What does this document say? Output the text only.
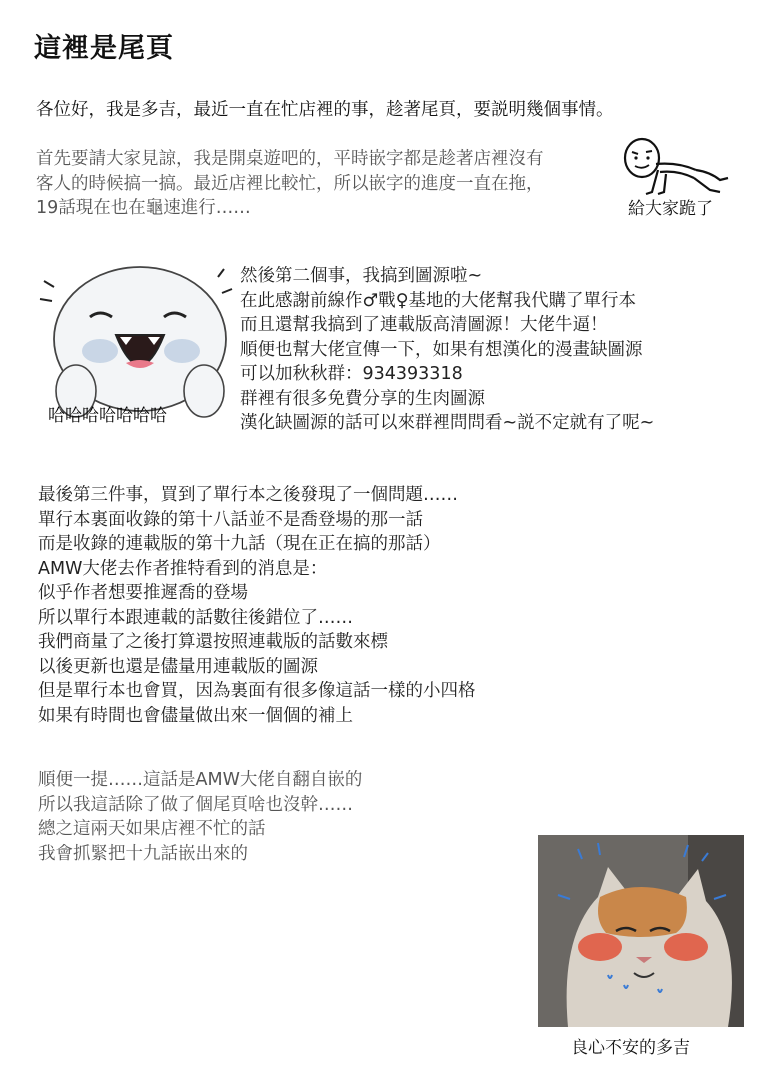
這裡是尾頁
各位好，我是多吉，最近一直在忙店裡的事，趁著尾頁，要説明幾個事情。
首先要請大家見諒，我是開桌遊吧的，平時嵌字都是趁著店裡沒有
客人的時候搞一搞。最近店裡比較忙，所以嵌字的進度一直在拖，
19話現在也在龜速進行……	給大家跪了
哈哈哈哈哈哈哈
然後第二個事，我搞到圖源啦~
在此感謝前線作♂戰♀基地的大佬幫我代購了單行本
而且還幫我搞到了連載版高清圖源！大佬牛逼！
順便也幫大佬宣傳一下，如果有想漢化的漫畫缺圖源
可以加秋秋群：934393318
群裡有很多免費分享的生肉圖源
漢化缺圖源的話可以來群裡問問看~説不定就有了呢~
最後第三件事，買到了單行本之後發現了一個問題……
單行本裏面收錄的第十八話並不是喬登場的那一話
而是收錄的連載版的第十九話（現在正在搞的那話）
AMW大佬去作者推特看到的消息是：
似乎作者想要推遲喬的登場
所以單行本跟連載的話數往後錯位了……
我們商量了之後打算還按照連載版的話數來標
以後更新也還是儘量用連載版的圖源
但是單行本也會買，因為裏面有很多像這話一樣的小四格
如果有時間也會儘量做出來一個個的補上
順便一提……這話是AMW大佬自翻自嵌的
所以我這話除了做了個尾頁啥也沒幹……
總之這兩天如果店裡不忙的話
我會抓緊把十九話嵌出來的
良心不安的多吉
